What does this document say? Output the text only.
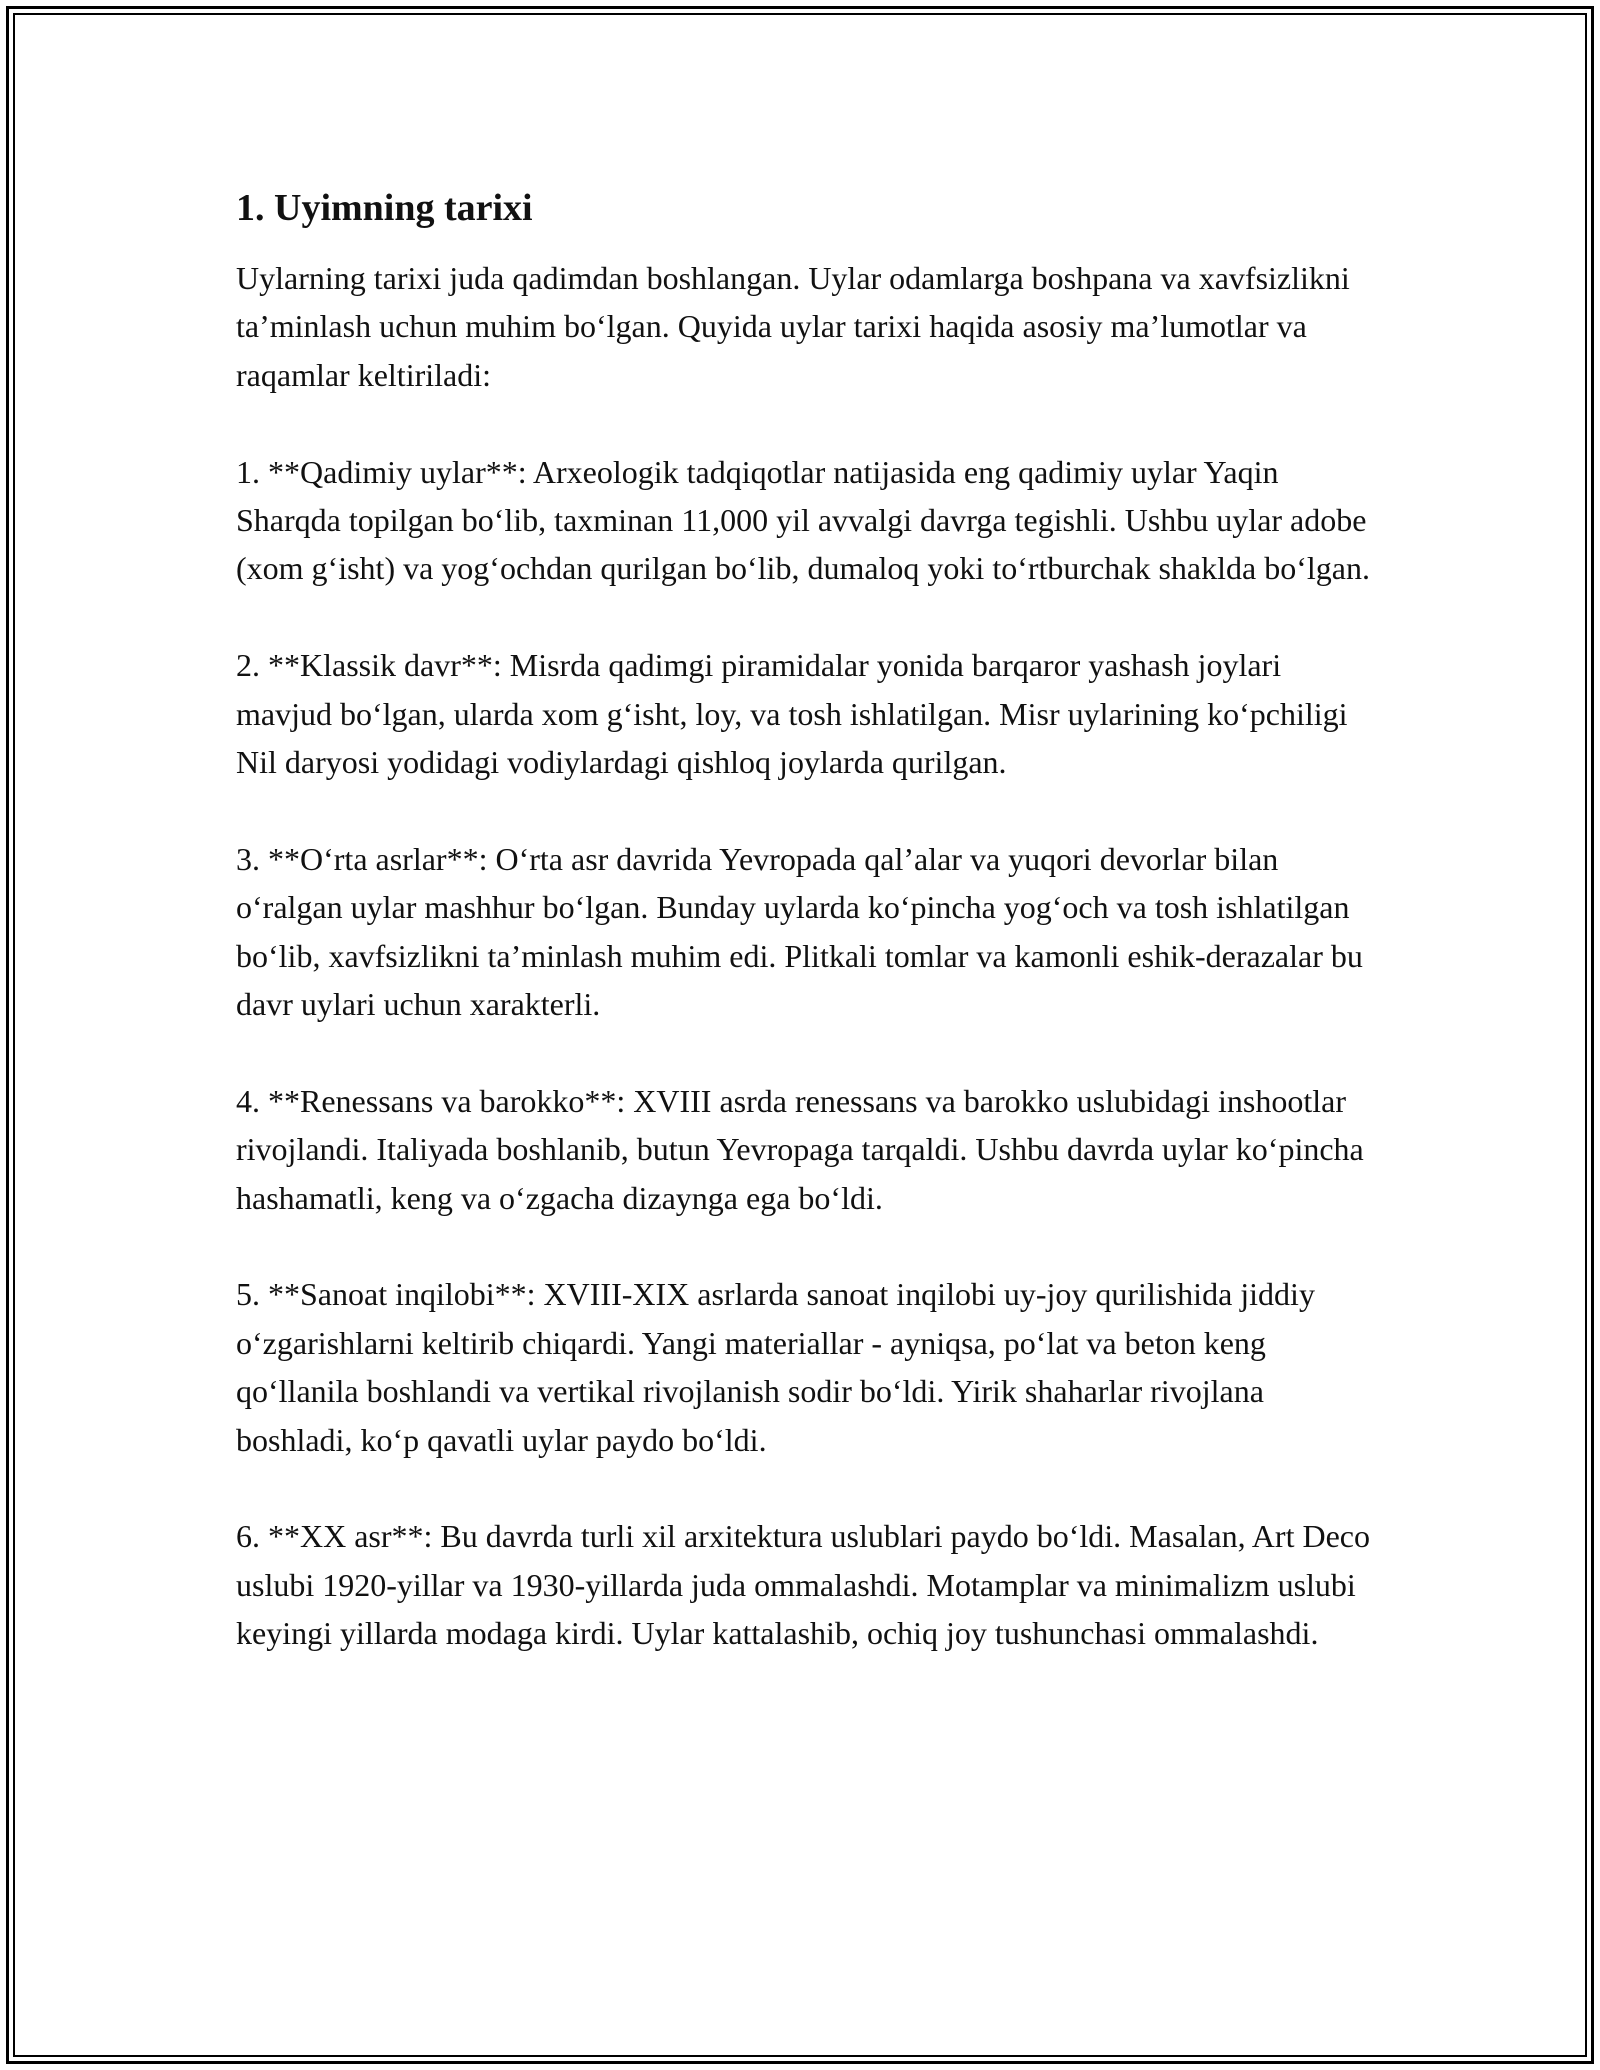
1. Uyimning tarixi

Uylarning tarixi juda qadimdan boshlangan. Uylar odamlarga boshpana va xavfsizlikni ta’minlash uchun muhim bo‘lgan. Quyida uylar tarixi haqida asosiy ma’lumotlar va raqamlar keltiriladi:

1. **Qadimiy uylar**: Arxeologik tadqiqotlar natijasida eng qadimiy uylar Yaqin Sharqda topilgan bo‘lib, taxminan 11,000 yil avvalgi davrga tegishli. Ushbu uylar adobe (xom g‘isht) va yog‘ochdan qurilgan bo‘lib, dumaloq yoki to‘rtburchak shaklda bo‘lgan.

2. **Klassik davr**: Misrda qadimgi piramidalar yonida barqaror yashash joylari mavjud bo‘lgan, ularda xom g‘isht, loy, va tosh ishlatilgan. Misr uylarining ko‘pchiligi Nil daryosi yodidagi vodiylardagi qishloq joylarda qurilgan.

3. **O‘rta asrlar**: O‘rta asr davrida Yevropada qal’alar va yuqori devorlar bilan o‘ralgan uylar mashhur bo‘lgan. Bunday uylarda ko‘pincha yog‘och va tosh ishlatilgan bo‘lib, xavfsizlikni ta’minlash muhim edi. Plitkali tomlar va kamonli eshik-derazalar bu davr uylari uchun xarakterli.

4. **Renessans va barokko**: XVIII asrda renessans va barokko uslubidagi inshootlar rivojlandi. Italiyada boshlanib, butun Yevropaga tarqaldi. Ushbu davrda uylar ko‘pincha hashamatli, keng va o‘zgacha dizaynga ega bo‘ldi.

5. **Sanoat inqilobi**: XVIII-XIX asrlarda sanoat inqilobi uy-joy qurilishida jiddiy o‘zgarishlarni keltirib chiqardi. Yangi materiallar - ayniqsa, po‘lat va beton keng qo‘llanila boshlandi va vertikal rivojlanish sodir bo‘ldi. Yirik shaharlar rivojlana boshladi, ko‘p qavatli uylar paydo bo‘ldi.

6. **XX asr**: Bu davrda turli xil arxitektura uslublari paydo bo‘ldi. Masalan, Art Deco uslubi 1920-yillar va 1930-yillarda juda ommalashdi. Motamplar va minimalizm uslubi keyingi yillarda modaga kirdi. Uylar kattalashib, ochiq joy tushunchasi ommalashdi.
